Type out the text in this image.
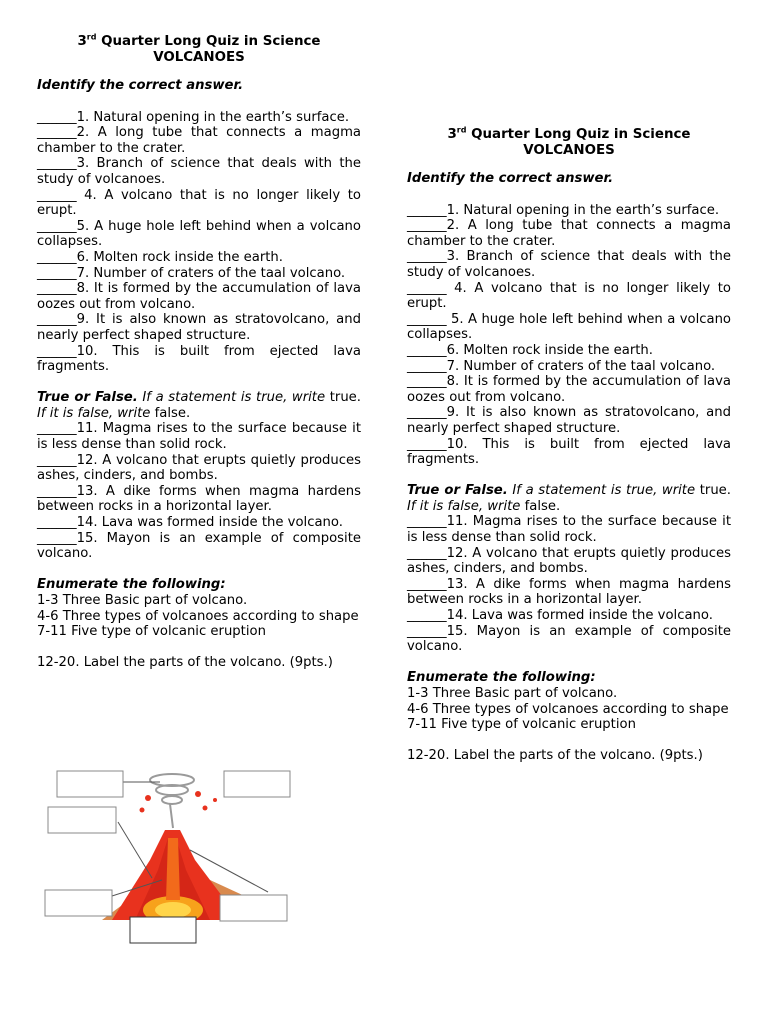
3rd Quarter Long Quiz in Science
VOLCANOES
Identify the correct answer.
______1. Natural opening in the earth’s surface.
______2. A long tube that connects a magma chamber to the crater.
______3. Branch of science that deals with the study of volcanoes.
______ 4. A volcano that is no longer likely to erupt.
______5. A huge hole left behind when a volcano collapses.
______6. Molten rock inside the earth.
______7. Number of craters of the taal volcano.
______8. It is formed by the accumulation of lava oozes out from volcano.
______9. It is also known as stratovolcano, and nearly perfect shaped structure.
______10. This is built from ejected lava fragments.
True or False. If a statement is true, write true. If it is false, write false.
______11. Magma rises to the surface because it is less dense than solid rock.
______12. A volcano that erupts quietly produces ashes, cinders, and bombs.
______13. A dike forms when magma hardens between rocks in a horizontal layer.
______14. Lava was formed inside the volcano.
______15. Mayon is an example of composite volcano.
Enumerate the following:
1-3 Three Basic part of volcano.
4-6 Three types of volcanoes according to shape
7-11 Five type of volcanic eruption
12-20. Label the parts of the volcano. (9pts.)
3rd Quarter Long Quiz in Science
VOLCANOES
Identify the correct answer.
______1. Natural opening in the earth’s surface.
______2. A long tube that connects a magma chamber to the crater.
______3. Branch of science that deals with the study of volcanoes.
______ 4. A volcano that is no longer likely to erupt.
______ 5. A huge hole left behind when a volcano collapses.
______6. Molten rock inside the earth.
______7. Number of craters of the taal volcano.
______8. It is formed by the accumulation of lava oozes out from volcano.
______9. It is also known as stratovolcano, and nearly perfect shaped structure.
______10. This is built from ejected lava fragments.
True or False. If a statement is true, write true. If it is false, write false.
______11. Magma rises to the surface because it is less dense than solid rock.
______12. A volcano that erupts quietly produces ashes, cinders, and bombs.
______13. A dike forms when magma hardens between rocks in a horizontal layer.
______14. Lava was formed inside the volcano.
______15. Mayon is an example of composite volcano.
Enumerate the following:
1-3 Three Basic part of volcano.
4-6 Three types of volcanoes according to shape
7-11 Five type of volcanic eruption
12-20. Label the parts of the volcano. (9pts.)
